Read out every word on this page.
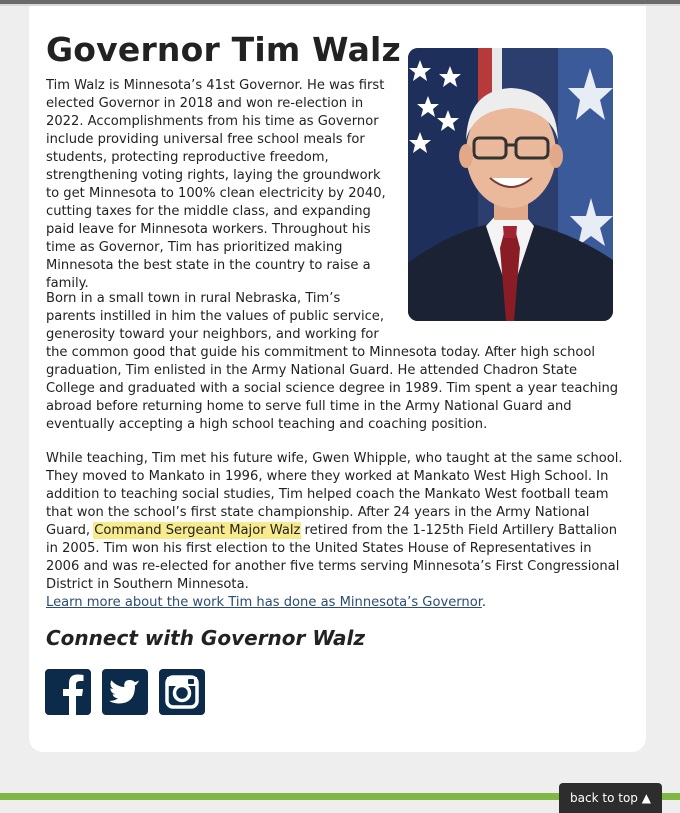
Governor Tim Walz

Tim Walz is Minnesota’s 41st Governor. He was first elected Governor in 2018 and won re-election in 2022. Accomplishments from his time as Governor include providing universal free school meals for students, protecting reproductive freedom, strengthening voting rights, laying the groundwork to get Minnesota to 100% clean electricity by 2040, cutting taxes for the middle class, and expanding paid leave for Minnesota workers. Throughout his time as Governor, Tim has prioritized making Minnesota the best state in the country to raise a family.

Born in a small town in rural Nebraska, Tim’s parents instilled in him the values of public service, generosity toward your neighbors, and working for the common good that guide his commitment to Minnesota today. After high school graduation, Tim enlisted in the Army National Guard. He attended Chadron State College and graduated with a social science degree in 1989. Tim spent a year teaching abroad before returning home to serve full time in the Army National Guard and eventually accepting a high school teaching and coaching position.

While teaching, Tim met his future wife, Gwen Whipple, who taught at the same school. They moved to Mankato in 1996, where they worked at Mankato West High School. In addition to teaching social studies, Tim helped coach the Mankato West football team that won the school’s first state championship. After 24 years in the Army National Guard, Command Sergeant Major Walz retired from the 1-125th Field Artillery Battalion in 2005. Tim won his first election to the United States House of Representatives in 2006 and was re-elected for another five terms serving Minnesota’s First Congressional District in Southern Minnesota.

Learn more about the work Tim has done as Minnesota’s Governor.

Connect with Governor Walz
back to top ▲
